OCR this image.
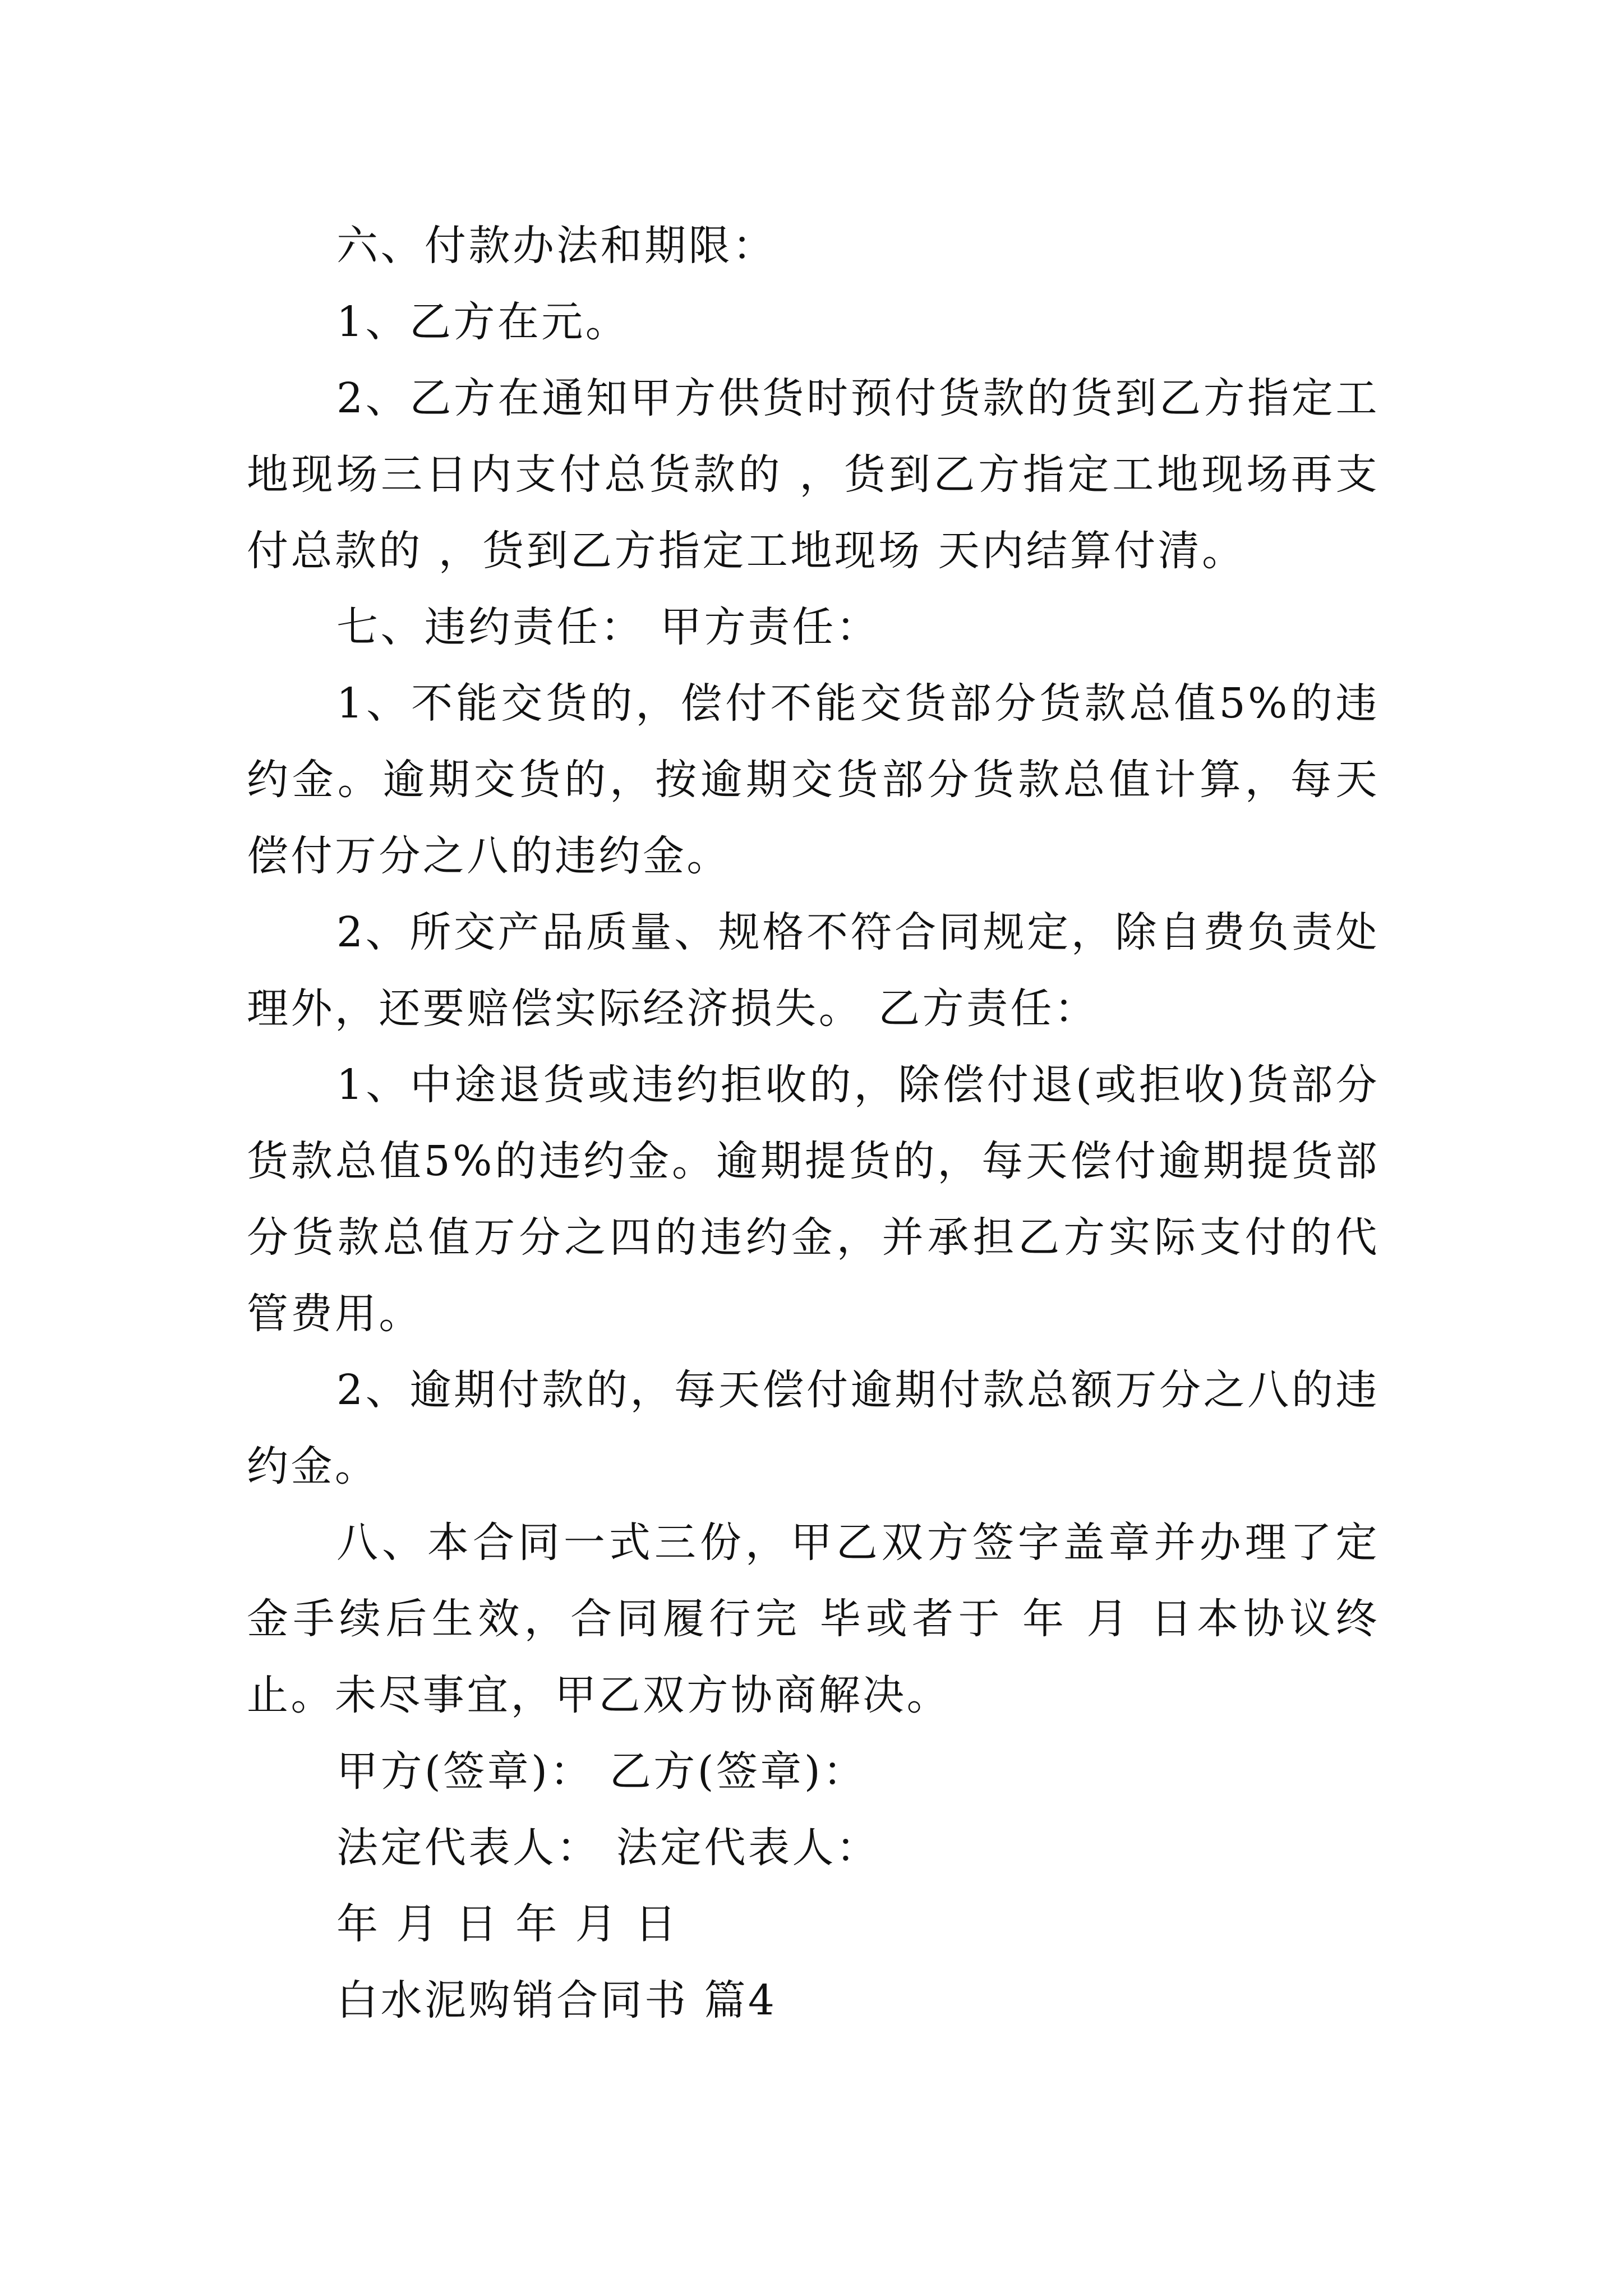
六、付款办法和期限：

1、乙方在元。

2、乙方在通知甲方供货时预付货款的货到乙方指定工地现场三日内支付总货款的 ，货到乙方指定工地现场再支付总款的 ，货到乙方指定工地现场 天内结算付清。

七、违约责任： 甲方责任：

1、不能交货的，偿付不能交货部分货款总值5%的违约金。逾期交货的，按逾期交货部分货款总值计算，每天偿付万分之八的违约金。

2、所交产品质量、规格不符合同规定，除自费负责处理外，还要赔偿实际经济损失。 乙方责任：

1、中途退货或违约拒收的，除偿付退(或拒收)货部分货款总值5%的违约金。逾期提货的，每天偿付逾期提货部分货款总值万分之四的违约金，并承担乙方实际支付的代管费用。

2、逾期付款的，每天偿付逾期付款总额万分之八的违约金。

八、本合同一式三份，甲乙双方签字盖章并办理了定金手续后生效，合同履行完 毕或者于 年 月 日本协议终止。未尽事宜，甲乙双方协商解决。

甲方(签章)： 乙方(签章)：

法定代表人： 法定代表人：

年 月 日 年 月 日

白水泥购销合同书 篇4
